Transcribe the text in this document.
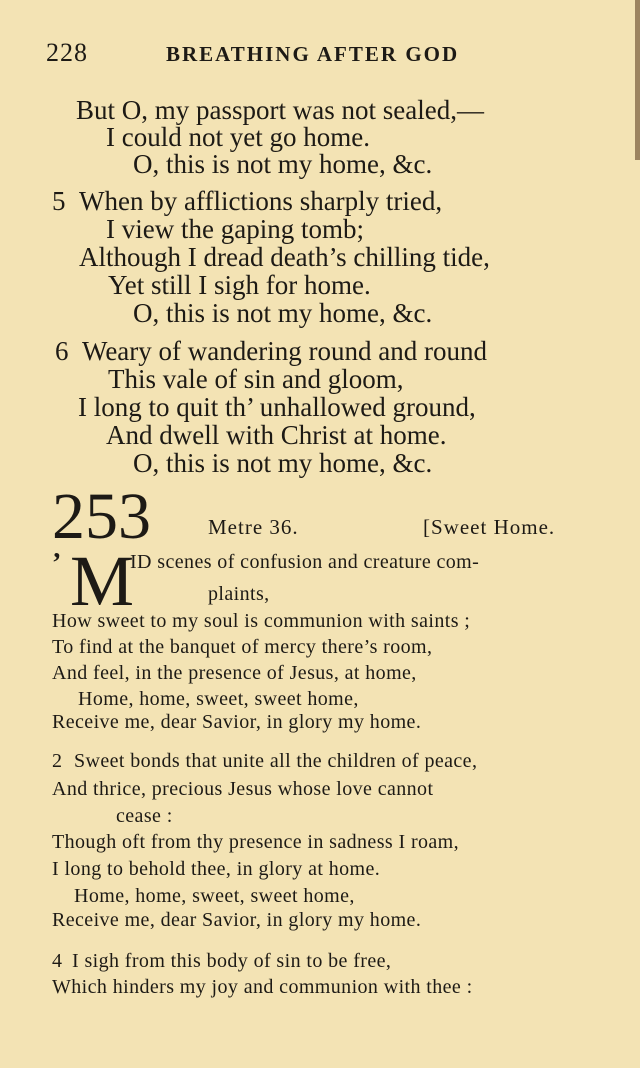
228	BREATHING AFTER GOD
But O, my passport was not sealed,—
I could not yet go home.
O, this is not my home, &c.
5 When by afflictions sharply tried,
I view the gaping tomb;
Although I dread death’s chilling tide,
Yet still I sigh for home.
O, this is not my home, &c.
6 Weary of wandering round and round
This vale of sin and gloom,
I long to quit th’ unhallowed ground,
And dwell with Christ at home.
O, this is not my home, &c.
253	Metre 36.	[Sweet Home.
’ M
ID scenes of confusion and creature com-
plaints,
How sweet to my soul is communion with saints ;
To find at the banquet of mercy there’s room,
And feel, in the presence of Jesus, at home,
Home, home, sweet, sweet home,
Receive me, dear Savior, in glory my home.
2 Sweet bonds that unite all the children of peace,
And thrice, precious Jesus whose love cannot
cease :
Though oft from thy presence in sadness I roam,
I long to behold thee, in glory at home.
Home, home, sweet, sweet home,
Receive me, dear Savior, in glory my home.
4 I sigh from this body of sin to be free,
Which hinders my joy and communion with thee :
